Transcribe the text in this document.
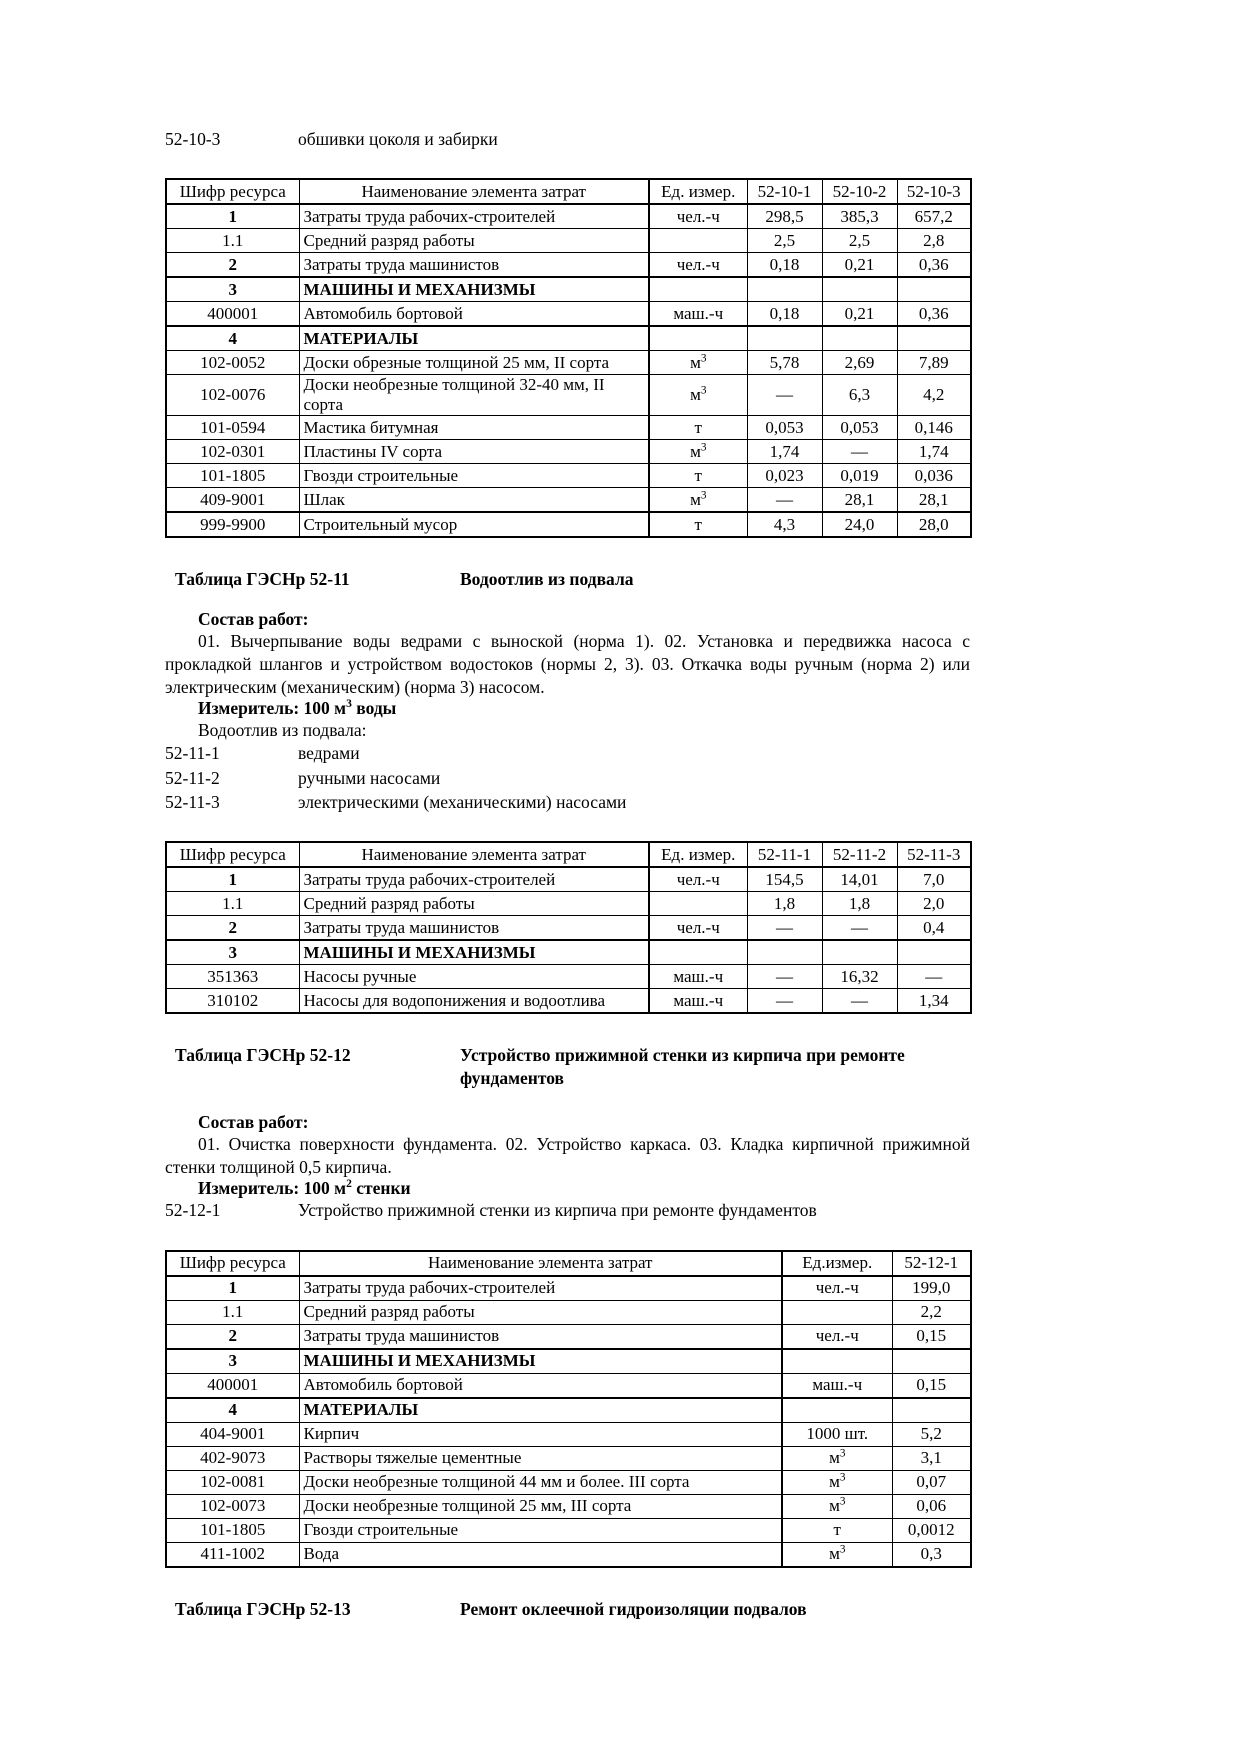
52-10-3	обшивки цоколя и забирки
Шифр ресурса	Наименование элемента затрат	Ед. измер.	52-10-1	52-10-2	52-10-3
1	Затраты труда рабочих-строителей	чел.-ч	298,5	385,3	657,2
1.1	Средний разряд работы		2,5	2,5	2,8
2	Затраты труда машинистов	чел.-ч	0,18	0,21	0,36
3	МАШИНЫ И МЕХАНИЗМЫ				
400001	Автомобиль бортовой	маш.-ч	0,18	0,21	0,36
4	МАТЕРИАЛЫ				
102-0052	Доски обрезные толщиной 25 мм, II сорта	$м^3$	5,78	2,69	7,89
102-0076	Доски необрезные толщиной 32-40 мм, II сорта	$м^3$	—	6,3	4,2
101-0594	Мастика битумная	т	0,053	0,053	0,146
102-0301	Пластины IV сорта	$м^3$	1,74	—	1,74
101-1805	Гвозди строительные	т	0,023	0,019	0,036
409-9001	Шлак	$м^3$	—	28,1	28,1
999-9900	Строительный мусор	т	4,3	24,0	28,0
Таблица ГЭСНр 52-11	Водоотлив из подвала
Состав работ:
01. Вычерпывание воды ведрами с выноской (норма 1). 02. Установка и передвижка насоса с прокладкой шлангов и устройством водостоков (нормы 2, 3). 03. Откачка воды ручным (норма 2) или электрическим (механическим) (норма 3) насосом.
Измеритель: 100 $м^3$ воды
Водоотлив из подвала:
52-11-1	ведрами
52-11-2	ручными насосами
52-11-3	электрическими (механическими) насосами
Шифр ресурса	Наименование элемента затрат	Ед. измер.	52-11-1	52-11-2	52-11-3
1	Затраты труда рабочих-строителей	чел.-ч	154,5	14,01	7,0
1.1	Средний разряд работы		1,8	1,8	2,0
2	Затраты труда машинистов	чел.-ч	—	—	0,4
3	МАШИНЫ И МЕХАНИЗМЫ				
351363	Насосы ручные	маш.-ч	—	16,32	—
310102	Насосы для водопонижения и водоотлива	маш.-ч	—	—	1,34
Таблица ГЭСНр 52-12	Устройство прижимной стенки из кирпича при ремонте
фундаментов
Состав работ:
01. Очистка поверхности фундамента. 02. Устройство каркаса. 03. Кладка кирпичной прижимной стенки толщиной 0,5 кирпича.
Измеритель: 100 $м^2$ стенки
52-12-1	Устройство прижимной стенки из кирпича при ремонте фундаментов
Шифр ресурса	Наименование элемента затрат	Ед.измер.	52-12-1
1	Затраты труда рабочих-строителей	чел.-ч	199,0
1.1	Средний разряд работы		2,2
2	Затраты труда машинистов	чел.-ч	0,15
3	МАШИНЫ И МЕХАНИЗМЫ		
400001	Автомобиль бортовой	маш.-ч	0,15
4	МАТЕРИАЛЫ		
404-9001	Кирпич	1000 шт.	5,2
402-9073	Растворы тяжелые цементные	$м^3$	3,1
102-0081	Доски необрезные толщиной 44 мм и более. III сорта	$м^3$	0,07
102-0073	Доски необрезные толщиной 25 мм, III сорта	$м^3$	0,06
101-1805	Гвозди строительные	т	0,0012
411-1002	Вода	$м^3$	0,3
Таблица ГЭСНр 52-13	Ремонт оклеечной гидроизоляции подвалов
